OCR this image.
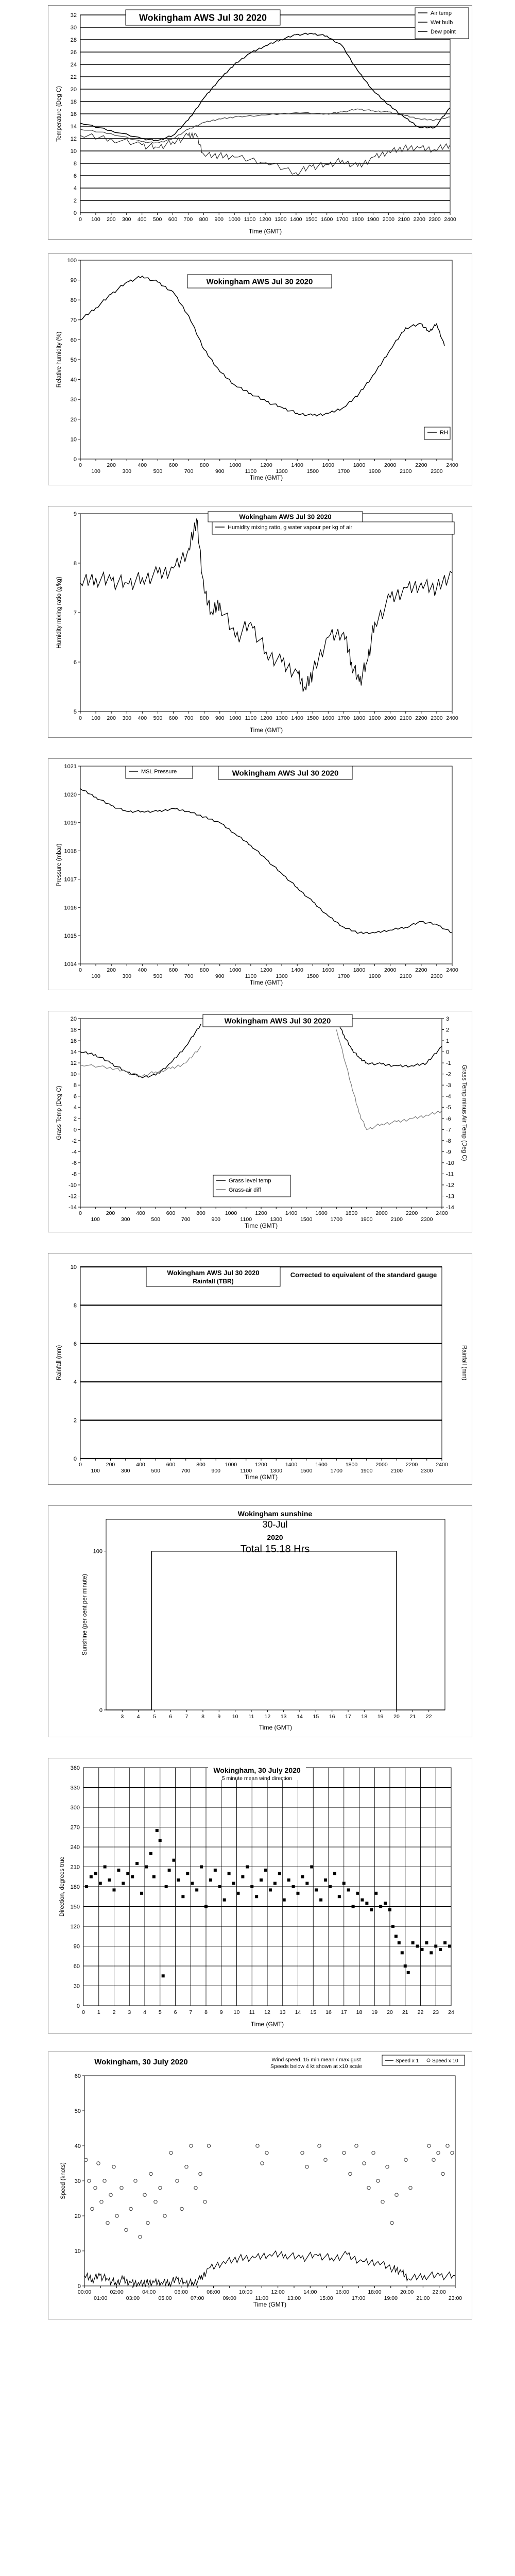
0
2
4
6
8
10
12
14
16
18
20
22
24
26
28
30
32
0 100 200 300 400 500 600 700 800 900 1000 1100 1200 1300 1400 1500 1600 1700 1800 1900 2000 2100 2200 2300 2400
Time (GMT)
Temperature (Deg C)
Wokingham AWS Jul 30 2020	Air temp
Wet bulb
Dew point
0
10
20
30
40
50
60
70
80
90
100
0	200	400	600	800	1000	1200	1400	1600	1800	2000	2200	2400
100	300	500	700	900	1100	1300	1500	1700	1900	2100	2300
Time (GMT)
Relative humidity (%)
Wokingham AWS Jul 30 2020
RH
5
6
7
8
9
0 100 200 300 400 500 600 700 800 900 1000 1100 1200 1300 1400 1500 1600 1700 1800 1900 2000 2100 2200 2300 2400
Time (GMT)
Humidity mixing ratio (g/kg)
Wokingham AWS Jul 30 2020
Humidity mixing ratio, g water vapour per kg of air
1014
1015
1016
1017
1018
1019
1020
1021
0	200	400	600	800	1000	1200	1400	1600	1800	2000	2200	2400
100	300	500	700	900	1100	1300	1500	1700	1900	2100	2300
Time (GMT)
Pressure (mbar)
Wokingham AWS Jul 30 2020
MSL Pressure
20
18
16
14
12
10
8
6
4
2
0
-2
-4
-6
-8
-10
-12
-14
3
2
1
0
-1
-2
-3
-4
-5
-6
-7
-8
-9
-10
-11
-12
-13
-14
0	200	400	600	800	1000	1200	1400	1600	1800	2000	2200	2400
100	300	500	700	900	1100	1300	1500	1700	1900	2100	2300
Time (GMT)
Grass Temp (Deg C)	Grass Temp minus Air Temp (Deg C)
Wokingham AWS Jul 30 2020
Grass level temp
Grass-air diff
0
2
4
6
8
10
0	200	400	600	800	1000	1200	1400	1600	1800	2000	2200	2400
100	300	500	700	900	1100	1300	1500	1700	1900	2100	2300
Time (GMT)
Rainfall (mm)	Rainfall (mm)
Wokingham AWS Jul 30 2020
Rainfall (TBR)
Corrected to equivalent of the standard gauge
0
100
3 4 5 6 7 8 9 10 11 12 13 14 15 16 17 18 19 20 21 22
Time (GMT)
Sunshine (per cent per minute)
Wokingham sunshine
30-Jul
2020
Total 15.18 Hrs
0
30
60
90
120
150
180
210
240
270
300
330
360
0 1 2 3 4 5 6 7 8 9 10 11 12 13 14 15 16 17 18 19 20 21 22 23 24
Time (GMT)
Direction, degrees true
Wokingham, 30 July 2020
5 minute mean wind direction
0
10
20
30
40
50
60
00:00	02:00	04:00	06:00	08:00	10:00	12:00	14:00	16:00	18:00	20:00	22:00
01:00	03:00	05:00	07:00	09:00	11:00	13:00	15:00	17:00	19:00	21:00	23:00
Time (GMT)
Speed (knots)
Wokingham, 30 July 2020	Wind speed, 15 min mean / max gust
Speeds below 4 kt shown at x10 scale
Speed x 1	Speed x 10
